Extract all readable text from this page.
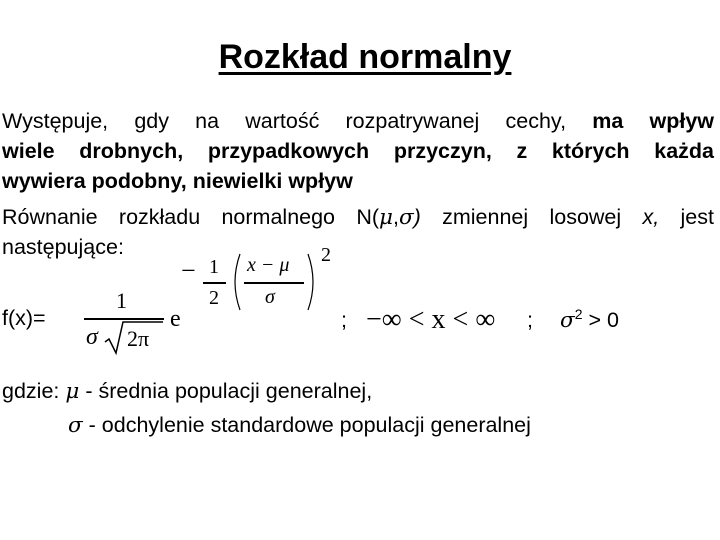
Rozkład normalny
Występuje, gdy na wartość rozpatrywanej cechy, ma wpływ
wiele drobnych, przypadkowych przyczyn, z których każda
wywiera podobny, niewielki wpływ
Równanie rozkładu normalnego N(μ,σ) zmiennej losowej x, jest
następujące:
f(x)=
1
σ 2π
e
− 1
2
x − μ
σ
2
; −∞ < x < ∞ ; $\sigma^2 > 0$
gdzie: μ - średnia populacji generalnej,
σ - odchylenie standardowe populacji generalnej
